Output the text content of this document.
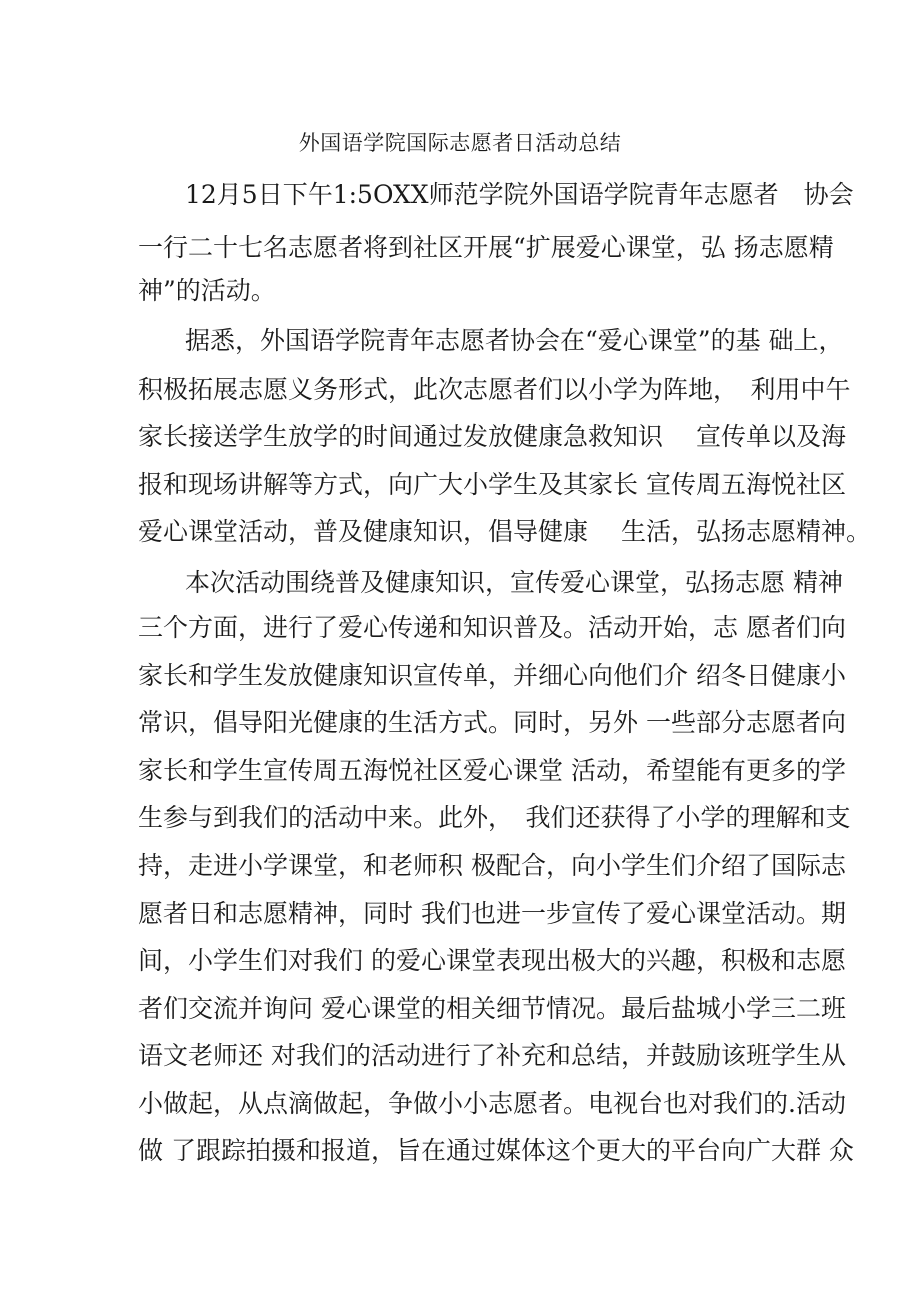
外国语学院国际志愿者日活动总结
12月5日下午1:5OXX师范学院外国语学院青年志愿者　协会
一行二十七名志愿者将到社区开展“扩展爱心课堂，弘 扬志愿精
神”的活动。
据悉，外国语学院青年志愿者协会在“爱心课堂”的基 础上，
积极拓展志愿义务形式，此次志愿者们以小学为阵地，　利用中午
家长接送学生放学的时间通过发放健康急救知识　 宣传单以及海
报和现场讲解等方式，向广大小学生及其家长 宣传周五海悦社区
爱心课堂活动，普及健康知识，倡导健康　 生活，弘扬志愿精神。
本次活动围绕普及健康知识，宣传爱心课堂，弘扬志愿 精神
三个方面，进行了爱心传递和知识普及。活动开始，志 愿者们向
家长和学生发放健康知识宣传单，并细心向他们介 绍冬日健康小
常识，倡导阳光健康的生活方式。同时，另外 一些部分志愿者向
家长和学生宣传周五海悦社区爱心课堂 活动，希望能有更多的学
生参与到我们的活动中来。此外，　我们还获得了小学的理解和支
持，走进小学课堂，和老师积 极配合，向小学生们介绍了国际志
愿者日和志愿精神，同时 我们也进一步宣传了爱心课堂活动。期
间，小学生们对我们 的爱心课堂表现出极大的兴趣，积极和志愿
者们交流并询问 爱心课堂的相关细节情况。最后盐城小学三二班
语文老师还 对我们的活动进行了补充和总结，并鼓励该班学生从
小做起，从点滴做起，争做小小志愿者。电视台也对我们的.活动
做 了跟踪拍摄和报道，旨在通过媒体这个更大的平台向广大群 众
